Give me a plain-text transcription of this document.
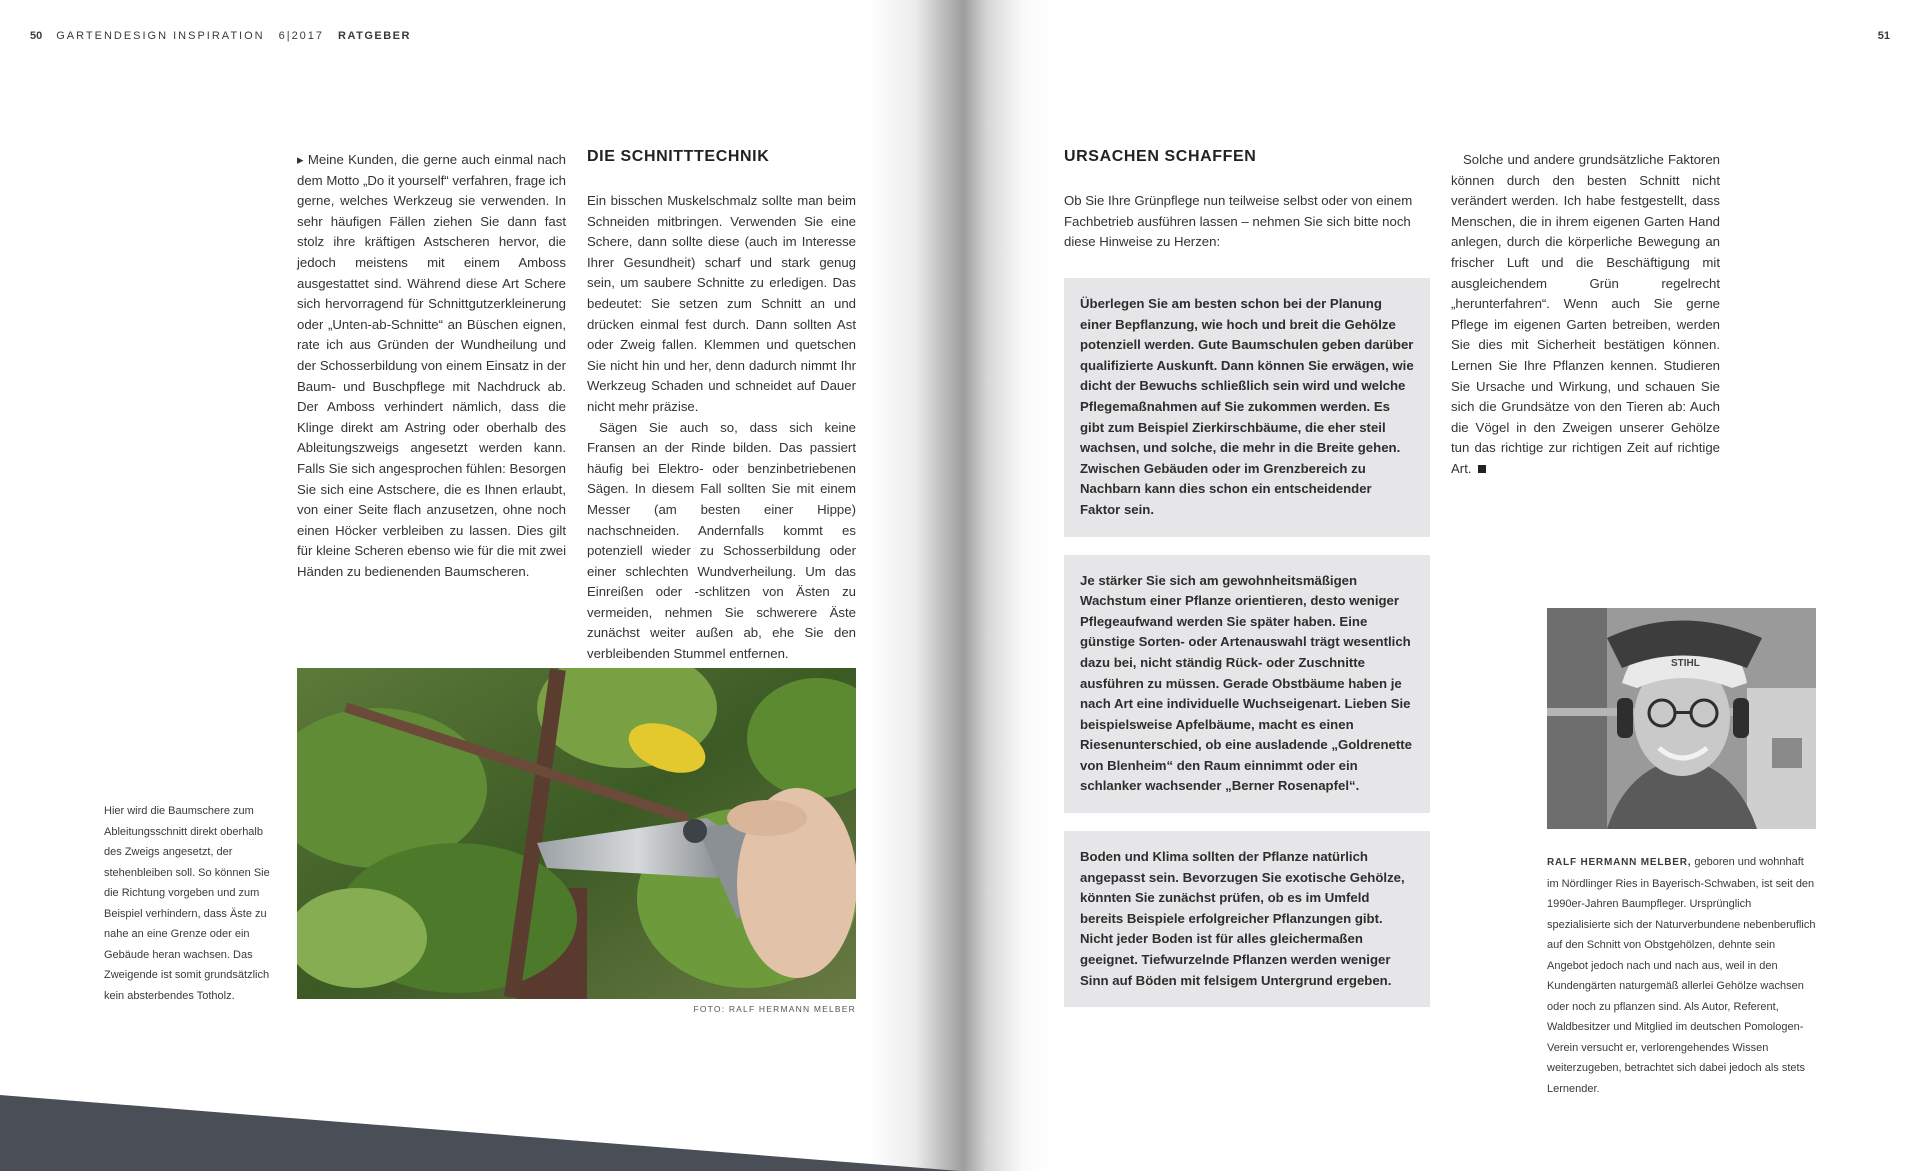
50 GARTENDESIGN INSPIRATION 6|2017 RATGEBER	51

▸ Meine Kunden, die gerne auch einmal nach dem Motto „Do it yourself“ verfahren, frage ich gerne, welches Werkzeug sie verwenden. In sehr häufigen Fällen ziehen Sie dann fast stolz ihre kräftigen Astscheren hervor, die jedoch meistens mit einem Amboss ausgestattet sind. Während diese Art Schere sich hervorragend für Schnittgutzerkleinerung oder „Unten-ab-Schnitte“ an Büschen eignen, rate ich aus Gründen der Wundheilung und der Schosserbildung von einem Einsatz in der Baum- und Buschpflege mit Nachdruck ab. Der Amboss verhindert nämlich, dass die Klinge direkt am Astring oder oberhalb des Ableitungszweigs angesetzt werden kann. Falls Sie sich angesprochen fühlen: Besorgen Sie sich eine Astschere, die es Ihnen erlaubt, von einer Seite flach anzusetzen, ohne noch einen Höcker verbleiben zu lassen. Dies gilt für kleine Scheren ebenso wie für die mit zwei Händen zu bedienenden Baumscheren.

DIE SCHNITTTECHNIK

Ein bisschen Muskelschmalz sollte man beim Schneiden mitbringen. Verwenden Sie eine Schere, dann sollte diese (auch im Interesse Ihrer Gesundheit) scharf und stark genug sein, um saubere Schnitte zu erledigen. Das bedeutet: Sie setzen zum Schnitt an und drücken einmal fest durch. Dann sollten Ast oder Zweig fallen. Klemmen und quetschen Sie nicht hin und her, denn dadurch nimmt Ihr Werkzeug Schaden und schneidet auf Dauer nicht mehr präzise.

Sägen Sie auch so, dass sich keine Fransen an der Rinde bilden. Das passiert häufig bei Elektro- oder benzinbetriebenen Sägen. In diesem Fall sollten Sie mit einem Messer (am besten einer Hippe) nachschneiden. Andernfalls kommt es potenziell wieder zu Schosserbildung oder einer schlechten Wundverheilung. Um das Einreißen oder -schlitzen von Ästen zu vermeiden, nehmen Sie schwerere Äste zunächst weiter außen ab, ehe Sie den verbleibenden Stummel entfernen.

FOTO: RALF HERMANN MELBER
Hier wird die Baumschere zum Ableitungsschnitt direkt oberhalb des Zweigs angesetzt, der stehenbleiben soll. So können Sie die Richtung vorgeben und zum Beispiel verhindern, dass Äste zu nahe an eine Grenze oder ein Gebäude heran wachsen. Das Zweigende ist somit grundsätzlich kein absterbendes Totholz.
URSACHEN SCHAFFEN
Ob Sie Ihre Grünpflege nun teilweise selbst oder von einem Fachbetrieb ausführen lassen – nehmen Sie sich bitte noch diese Hinweise zu Herzen:

Überlegen Sie am besten schon bei der Planung einer Bepflanzung, wie hoch und breit die Gehölze potenziell werden. Gute Baumschulen geben darüber qualifizierte Auskunft. Dann können Sie erwägen, wie dicht der Bewuchs schließlich sein wird und welche Pflegemaßnahmen auf Sie zukommen werden. Es gibt zum Beispiel Zierkirschbäume, die eher steil wachsen, und solche, die mehr in die Breite gehen. Zwischen Gebäuden oder im Grenzbereich zu Nachbarn kann dies schon ein entscheidender Faktor sein.

Je stärker Sie sich am gewohnheitsmäßigen Wachstum einer Pflanze orientieren, desto weniger Pflegeaufwand werden Sie später haben. Eine günstige Sorten- oder Artenauswahl trägt wesentlich dazu bei, nicht ständig Rück- oder Zuschnitte ausführen zu müssen. Gerade Obstbäume haben je nach Art eine individuelle Wuchseigenart. Lieben Sie beispielsweise Apfelbäume, macht es einen Riesenunterschied, ob eine ausladende „Goldrenette von Blenheim“ den Raum einnimmt oder ein schlanker wachsender „Berner Rosenapfel“.

Boden und Klima sollten der Pflanze natürlich angepasst sein. Bevorzugen Sie exotische Gehölze, könnten Sie zunächst prüfen, ob es im Umfeld bereits Beispiele erfolgreicher Pflanzungen gibt. Nicht jeder Boden ist für alles gleichermaßen geeignet. Tiefwurzelnde Pflanzen werden weniger Sinn auf Böden mit felsigem Untergrund ergeben.

Solche und andere grundsätzliche Faktoren können durch den besten Schnitt nicht verändert werden. Ich habe festgestellt, dass Menschen, die in ihrem eigenen Garten Hand anlegen, durch die körperliche Bewegung an frischer Luft und die Beschäftigung mit ausgleichendem Grün regelrecht „herunterfahren“. Wenn auch Sie gerne Pflege im eigenen Garten betreiben, werden Sie dies mit Sicherheit bestätigen können. Lernen Sie Ihre Pflanzen kennen. Studieren Sie Ursache und Wirkung, und schauen Sie sich die Grundsätze von den Tieren ab: Auch die Vögel in den Zweigen unserer Gehölze tun das richtige zur richtigen Zeit auf richtige Art.

STIHL
RALF HERMANN MELBER, geboren und wohnhaft im Nördlinger Ries in Bayerisch-Schwaben, ist seit den 1990er-Jahren Baumpfleger. Ursprünglich spezialisierte sich der Naturverbundene nebenberuflich auf den Schnitt von Obstgehölzen, dehnte sein Angebot jedoch nach und nach aus, weil in den Kundengärten naturgemäß allerlei Gehölze wachsen oder noch zu pflanzen sind. Als Autor, Referent, Waldbesitzer und Mitglied im deutschen Pomologen-Verein versucht er, verlorengehendes Wissen weiterzugeben, betrachtet sich dabei jedoch als stets Lernender.
